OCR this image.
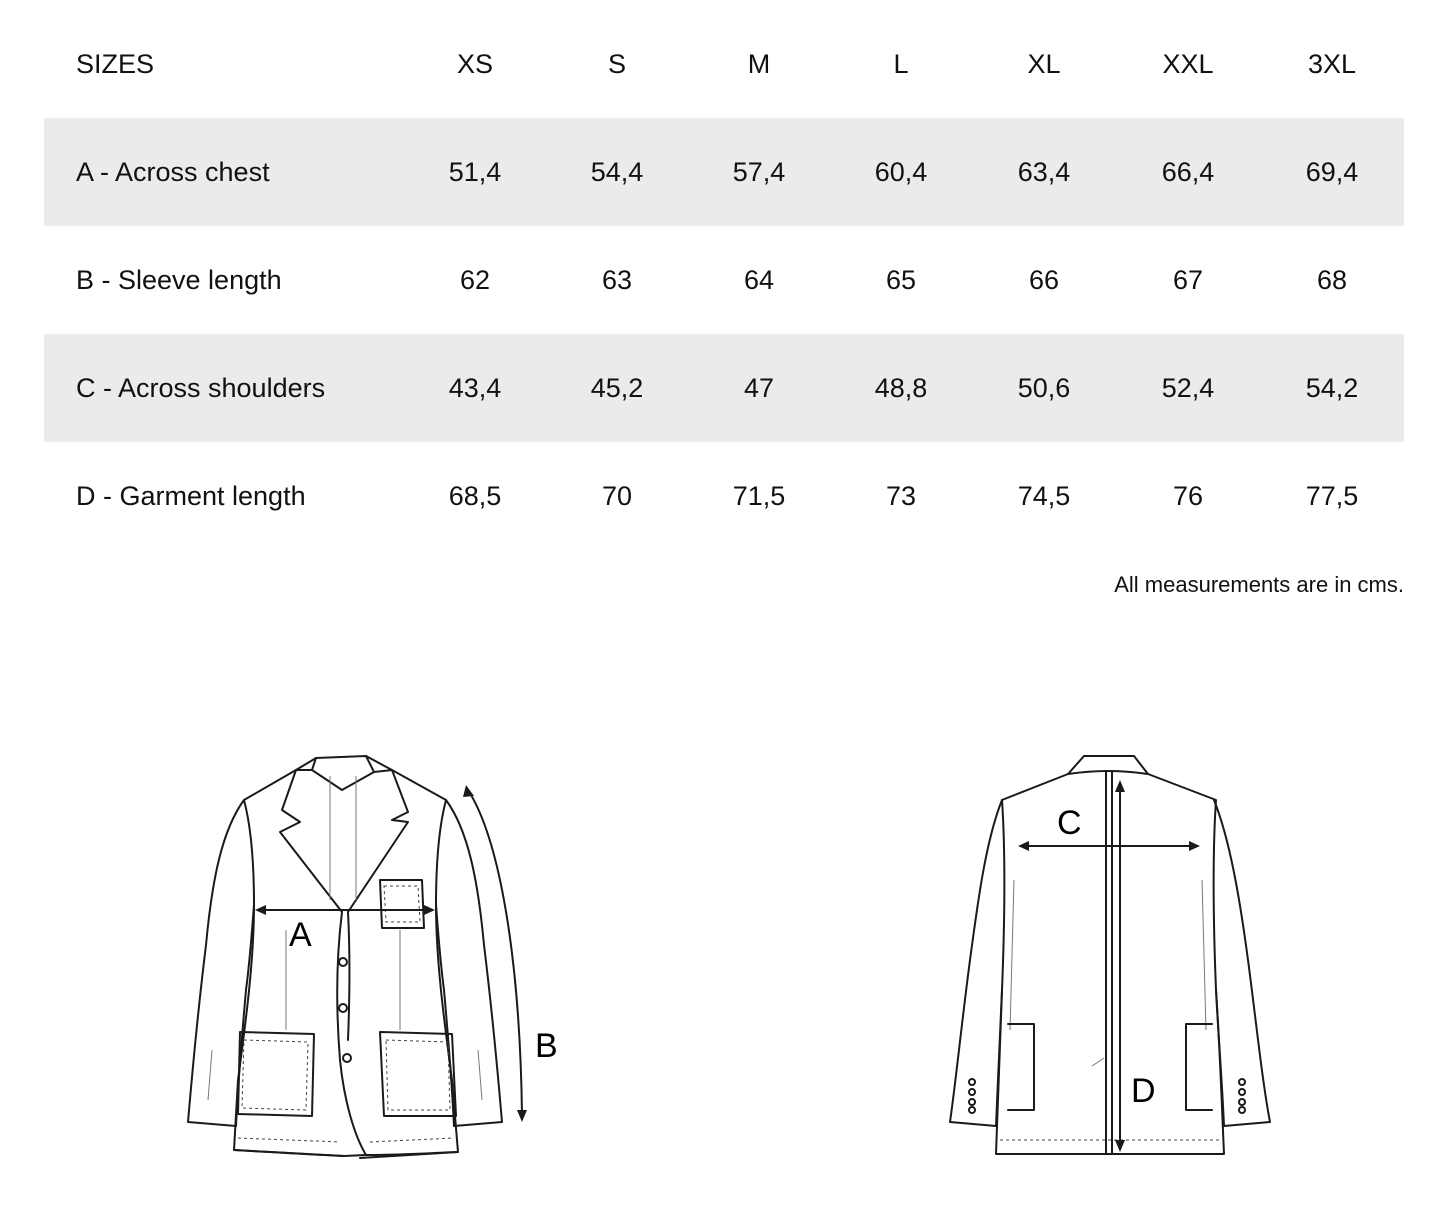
SIZES	XS	S	M	L	XL	XXL	3XL
A - Across chest	51,4	54,4	57,4	60,4	63,4	66,4	69,4
B - Sleeve length	62	63	64	65	66	67	68
C - Across shoulders	43,4	45,2	47	48,8	50,6	52,4	54,2
D - Garment length	68,5	70	71,5	73	74,5	76	77,5
All measurements are in cms.
A
B
C
D
